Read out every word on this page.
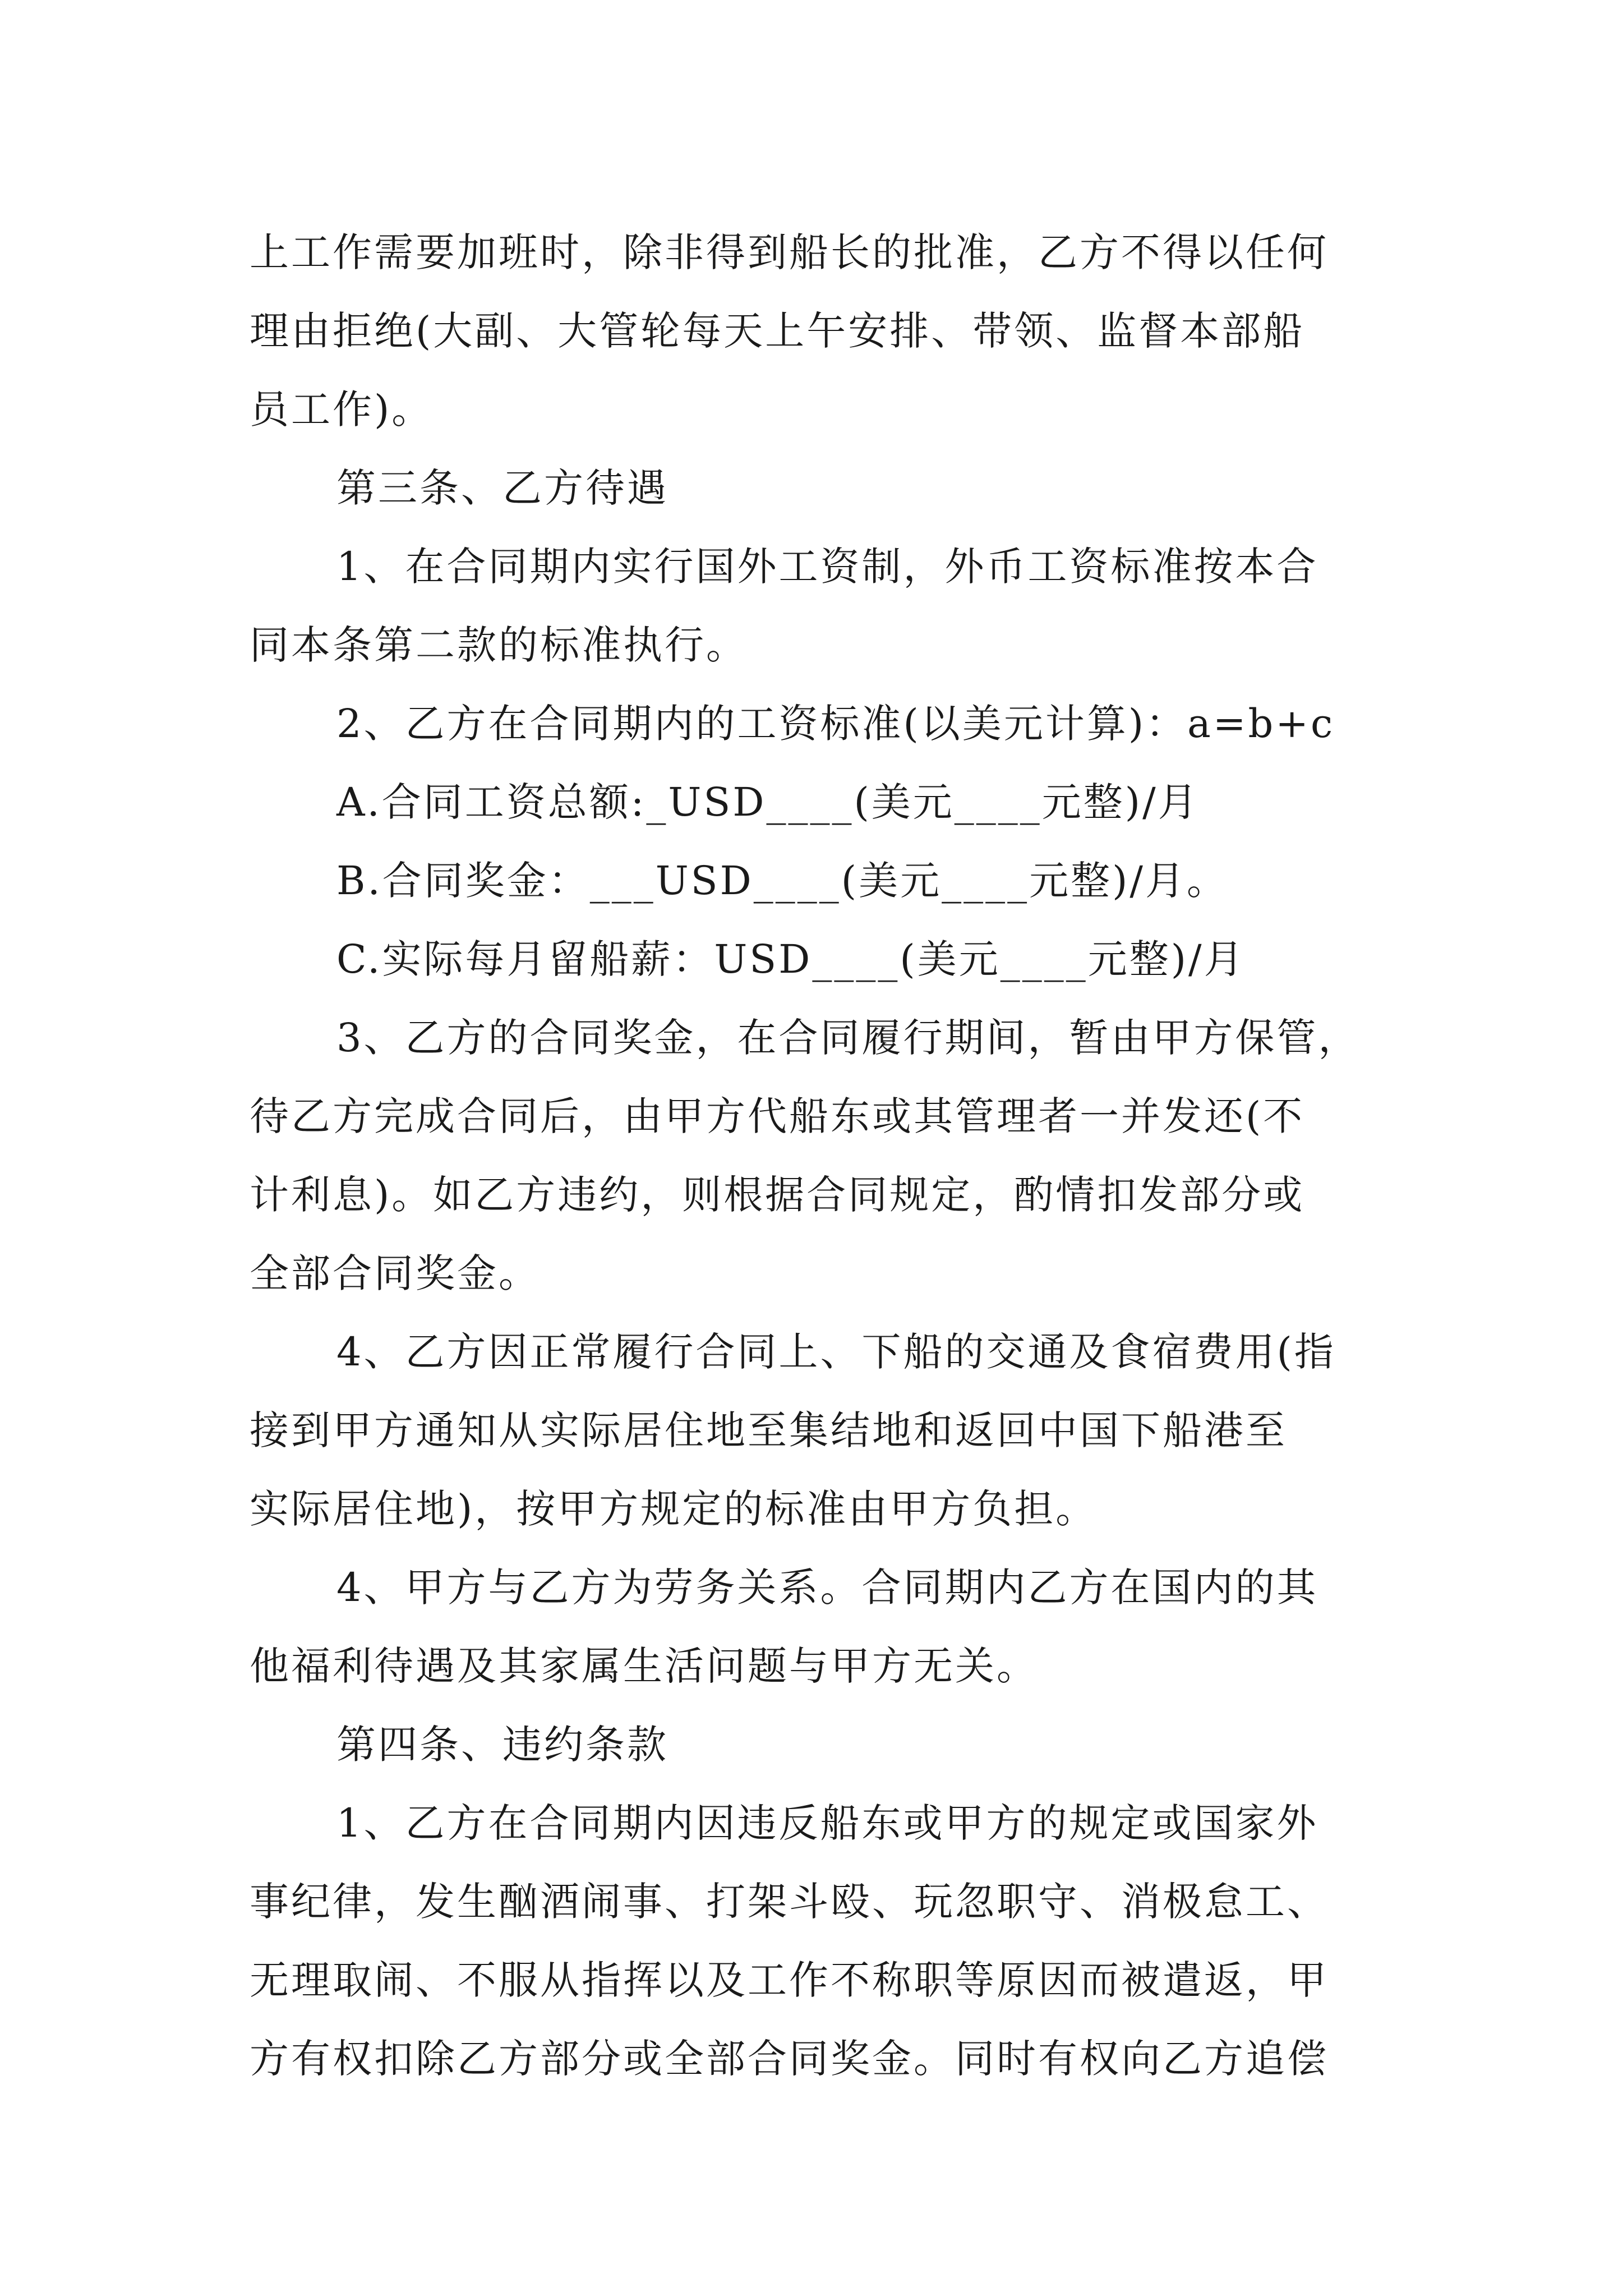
上工作需要加班时，除非得到船长的批准，乙方不得以任何
理由拒绝(大副、大管轮每天上午安排、带领、监督本部船
员工作)。
第三条、乙方待遇
1、在合同期内实行国外工资制，外币工资标准按本合
同本条第二款的标准执行。
2、乙方在合同期内的工资标准(以美元计算)：a=b+c
A.合同工资总额:_USD____(美元____元整)/月
B.合同奖金：___USD____(美元____元整)/月。
C.实际每月留船薪：USD____(美元____元整)/月
3、乙方的合同奖金，在合同履行期间，暂由甲方保管，
待乙方完成合同后，由甲方代船东或其管理者一并发还(不
计利息)。如乙方违约，则根据合同规定，酌情扣发部分或
全部合同奖金。
4、乙方因正常履行合同上、下船的交通及食宿费用(指
接到甲方通知从实际居住地至集结地和返回中国下船港至
实际居住地)，按甲方规定的标准由甲方负担。
4、甲方与乙方为劳务关系。合同期内乙方在国内的其
他福利待遇及其家属生活问题与甲方无关。
第四条、违约条款
1、乙方在合同期内因违反船东或甲方的规定或国家外
事纪律，发生酗酒闹事、打架斗殴、玩忽职守、消极怠工、
无理取闹、不服从指挥以及工作不称职等原因而被遣返，甲
方有权扣除乙方部分或全部合同奖金。同时有权向乙方追偿
